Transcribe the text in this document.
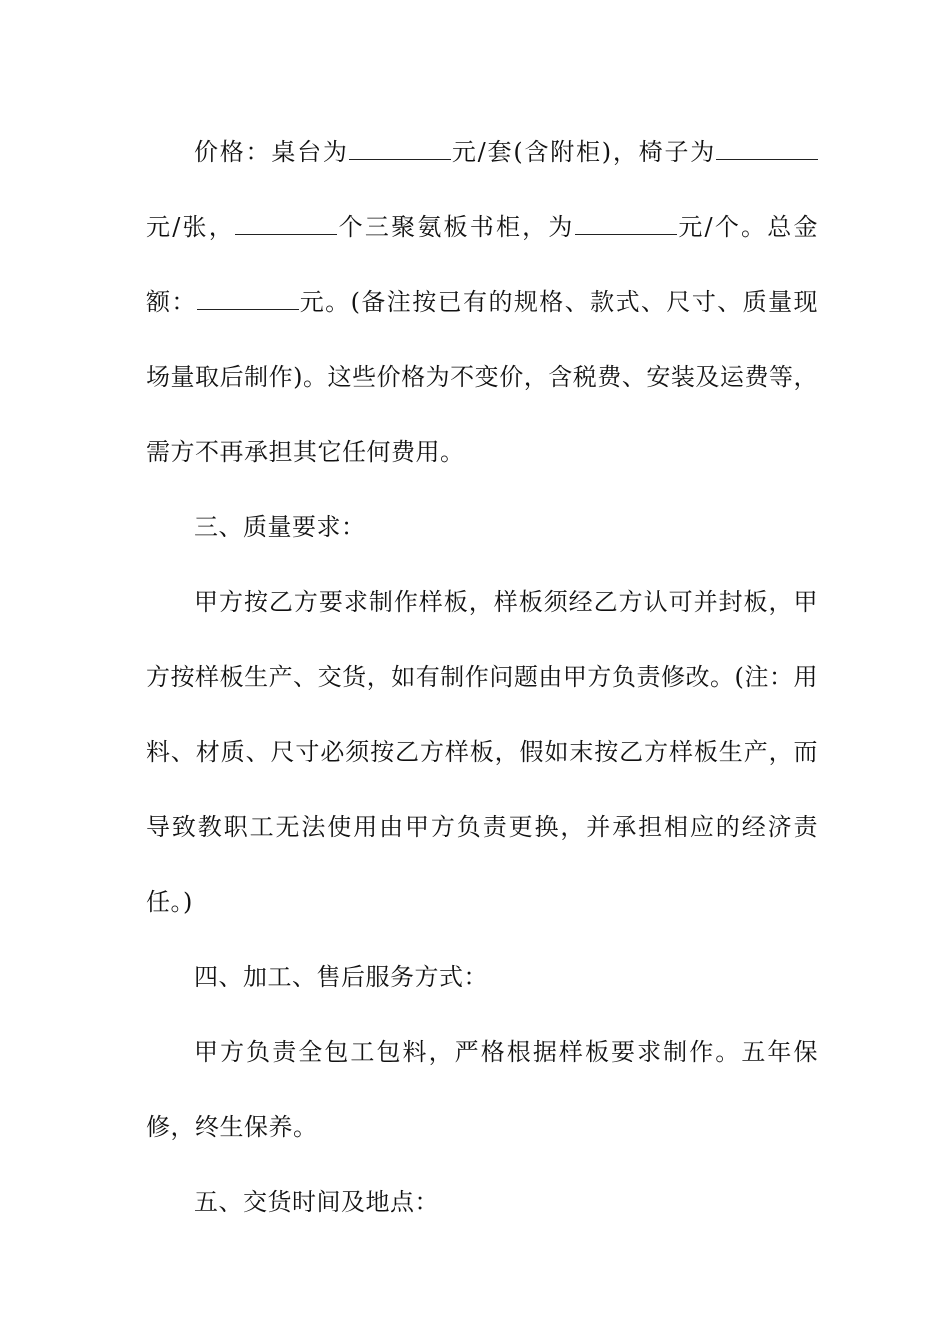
价格：桌台为	元/套(含附柜)，椅子为元/张，	个三聚氨板书柜，为	元/个。总金额：	元。(备注按已有的规格、款式、尺寸、质量现场量取后制作)。这些价格为不变价，含税费、安装及运费等，需方不再承担其它任何费用。

三、质量要求：

甲方按乙方要求制作样板，样板须经乙方认可并封板，甲方按样板生产、交货，如有制作问题由甲方负责修改。(注：用料、材质、尺寸必须按乙方样板，假如末按乙方样板生产，而导致教职工无法使用由甲方负责更换，并承担相应的经济责任。)

四、加工、售后服务方式：

甲方负责全包工包料，严格根据样板要求制作。五年保修，终生保养。

五、交货时间及地点：
